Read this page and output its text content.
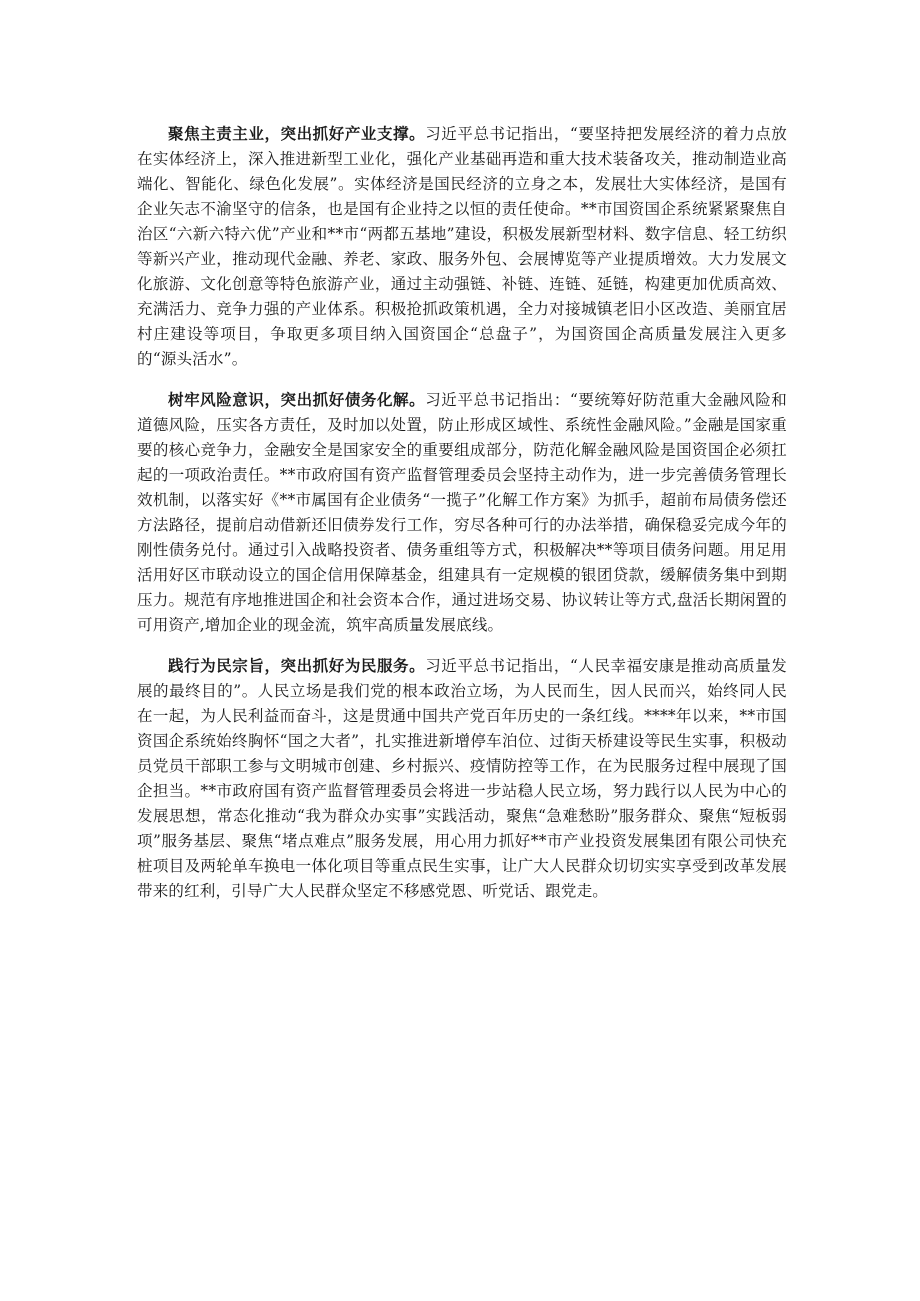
聚焦主责主业，突出抓好产业支撑。习近平总书记指出，“要坚持把发展经济的着力点放在实体经济上，深入推进新型工业化，强化产业基础再造和重大技术装备攻关，推动制造业高端化、智能化、绿色化发展”。实体经济是国民经济的立身之本，发展壮大实体经济，是国有企业矢志不渝坚守的信条，也是国有企业持之以恒的责任使命。**市国资国企系统紧紧聚焦自治区“六新六特六优”产业和**市“两都五基地”建设，积极发展新型材料、数字信息、轻工纺织等新兴产业，推动现代金融、养老、家政、服务外包、会展博览等产业提质增效。大力发展文化旅游、文化创意等特色旅游产业，通过主动强链、补链、连链、延链，构建更加优质高效、充满活力、竞争力强的产业体系。积极抢抓政策机遇，全力对接城镇老旧小区改造、美丽宜居村庄建设等项目，争取更多项目纳入国资国企“总盘子”，为国资国企高质量发展注入更多的“源头活水”。

树牢风险意识，突出抓好债务化解。习近平总书记指出：“要统筹好防范重大金融风险和道德风险，压实各方责任，及时加以处置，防止形成区域性、系统性金融风险。”金融是国家重要的核心竞争力，金融安全是国家安全的重要组成部分，防范化解金融风险是国资国企必须扛起的一项政治责任。**市政府国有资产监督管理委员会坚持主动作为，进一步完善债务管理长效机制，以落实好《**市属国有企业债务“一揽子”化解工作方案》为抓手，超前布局债务偿还方法路径，提前启动借新还旧债券发行工作，穷尽各种可行的办法举措，确保稳妥完成今年的刚性债务兑付。通过引入战略投资者、债务重组等方式，积极解决**等项目债务问题。用足用活用好区市联动设立的国企信用保障基金，组建具有一定规模的银团贷款，缓解债务集中到期压力。规范有序地推进国企和社会资本合作，通过进场交易、协议转让等方式,盘活长期闲置的可用资产,增加企业的现金流，筑牢高质量发展底线。

践行为民宗旨，突出抓好为民服务。习近平总书记指出，“人民幸福安康是推动高质量发展的最终目的”。人民立场是我们党的根本政治立场，为人民而生，因人民而兴，始终同人民在一起，为人民利益而奋斗，这是贯通中国共产党百年历史的一条红线。****年以来，**市国资国企系统始终胸怀“国之大者”，扎实推进新增停车泊位、过街天桥建设等民生实事，积极动员党员干部职工参与文明城市创建、乡村振兴、疫情防控等工作，在为民服务过程中展现了国企担当。**市政府国有资产监督管理委员会将进一步站稳人民立场，努力践行以人民为中心的发展思想，常态化推动“我为群众办实事”实践活动，聚焦“急难愁盼”服务群众、聚焦“短板弱项”服务基层、聚焦“堵点难点”服务发展，用心用力抓好**市产业投资发展集团有限公司快充桩项目及两轮单车换电一体化项目等重点民生实事，让广大人民群众切切实实享受到改革发展带来的红利，引导广大人民群众坚定不移感党恩、听党话、跟党走。
